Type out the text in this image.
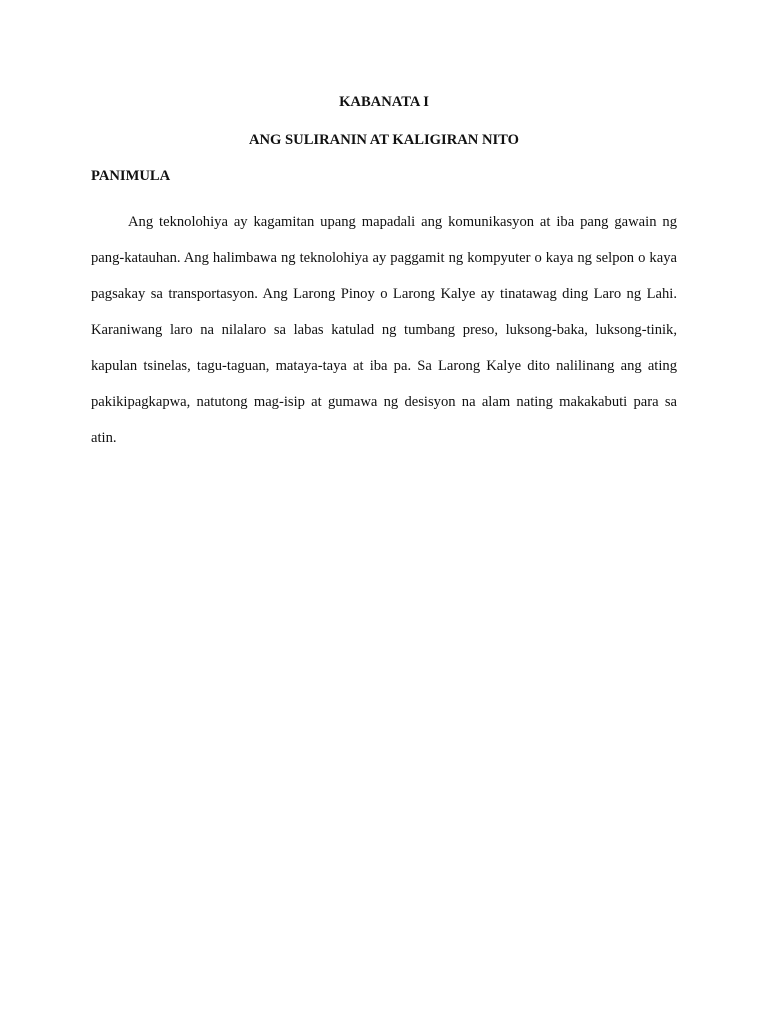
KABANATA I
ANG SULIRANIN AT KALIGIRAN NITO
PANIMULA

Ang teknolohiya ay kagamitan upang mapadali ang komunikasyon at iba pang gawain ng pang-katauhan. Ang halimbawa ng teknolohiya ay paggamit ng kompyuter o kaya ng selpon o kaya pagsakay sa transportasyon. Ang Larong Pinoy o Larong Kalye ay tinatawag ding Laro ng Lahi. Karaniwang laro na nilalaro sa labas katulad ng tumbang preso, luksong-baka, luksong-tinik, kapulan tsinelas, tagu-taguan, mataya-taya at iba pa. Sa Larong Kalye dito nalilinang ang ating pakikipagkapwa, natutong mag-isip at gumawa ng desisyon na alam nating makakabuti para sa atin.
